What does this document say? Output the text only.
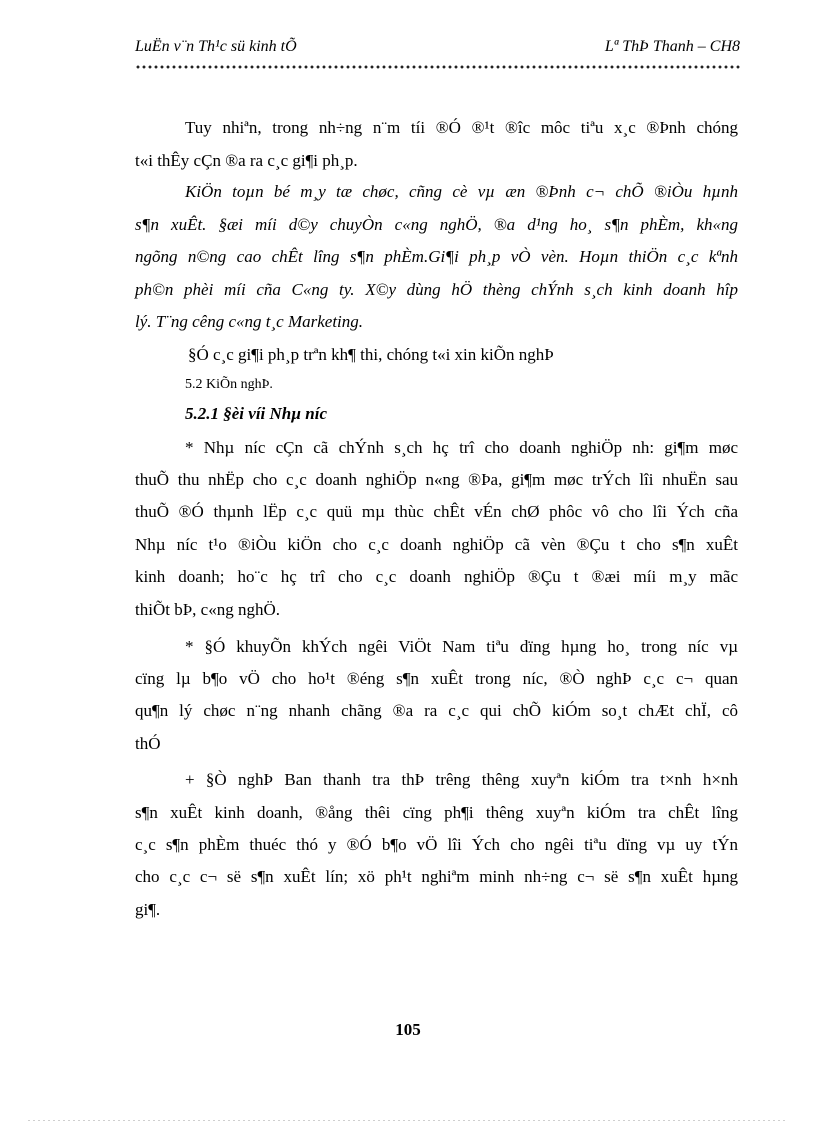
LuËn v¨n Th¹c sü kinh tÕ	Lª ThÞ Thanh – CH8
Tuy nhiªn, trong nh÷ng n¨m tíi ®Ó ®¹t ®îc môc tiªu x¸c ®Þnh chóng
t«i thÊy cÇn ®a ra c¸c gi¶i ph¸p.
KiÖn toµn bé m¸y tæ chøc, cñng cè vµ æn ®Þnh c¬ chÕ ®iÒu hµnh
s¶n xuÊt. §æi míi d©y chuyÒn c«ng nghÖ, ®a d¹ng ho¸ s¶n phÈm, kh«ng
ngõng n©ng cao chÊt lîng s¶n phÈm.Gi¶i ph¸p vÒ vèn. Hoµn thiÖn c¸c kªnh
ph©n phèi míi cña C«ng ty. X©y dùng hÖ thèng chÝnh s¸ch kinh doanh hîp
lý. T¨ng cêng c«ng t¸c Marketing.
§Ó c¸c gi¶i ph¸p trªn kh¶ thi, chóng t«i xin kiÕn nghÞ
5.2 KiÕn nghÞ.
5.2.1 §èi víi Nhµ níc
* Nhµ níc cÇn cã chÝnh s¸ch hç trî cho doanh nghiÖp nh: gi¶m møc
thuÕ thu nhËp cho c¸c doanh nghiÖp n«ng ®Þa, gi¶m møc trÝch lîi nhuËn sau
thuÕ ®Ó thµnh lËp c¸c quü mµ thùc chÊt vÉn chØ phôc vô cho lîi Ých cña
Nhµ níc t¹o ®iÒu kiÖn cho c¸c doanh nghiÖp cã vèn ®Çu t cho s¶n xuÊt
kinh doanh; ho¨c hç trî cho c¸c doanh nghiÖp ®Çu t ®æi míi m¸y mãc
thiÕt bÞ, c«ng nghÖ.
* §Ó khuyÕn khÝch ngêi ViÖt Nam tiªu dïng hµng ho¸ trong níc vµ
cïng lµ b¶o vÖ cho ho¹t ®éng s¶n xuÊt trong níc, ®Ò nghÞ c¸c c¬ quan
qu¶n lý chøc n¨ng nhanh chãng ®a ra c¸c qui chÕ kiÓm so¸t chÆt chÏ, cô
thÓ
+ §Ò nghÞ Ban thanh tra thÞ trêng thêng xuyªn kiÓm tra t×nh h×nh
s¶n xuÊt kinh doanh, ®ång thêi cïng ph¶i thêng xuyªn kiÓm tra chÊt lîng
c¸c s¶n phÈm thuéc thó y ®Ó b¶o vÖ lîi Ých cho ngêi tiªu dïng vµ uy tÝn
cho c¸c c¬ së s¶n xuÊt lín; xö ph¹t nghiªm minh nh÷ng c¬ së s¶n xuÊt hµng
gi¶.
105
